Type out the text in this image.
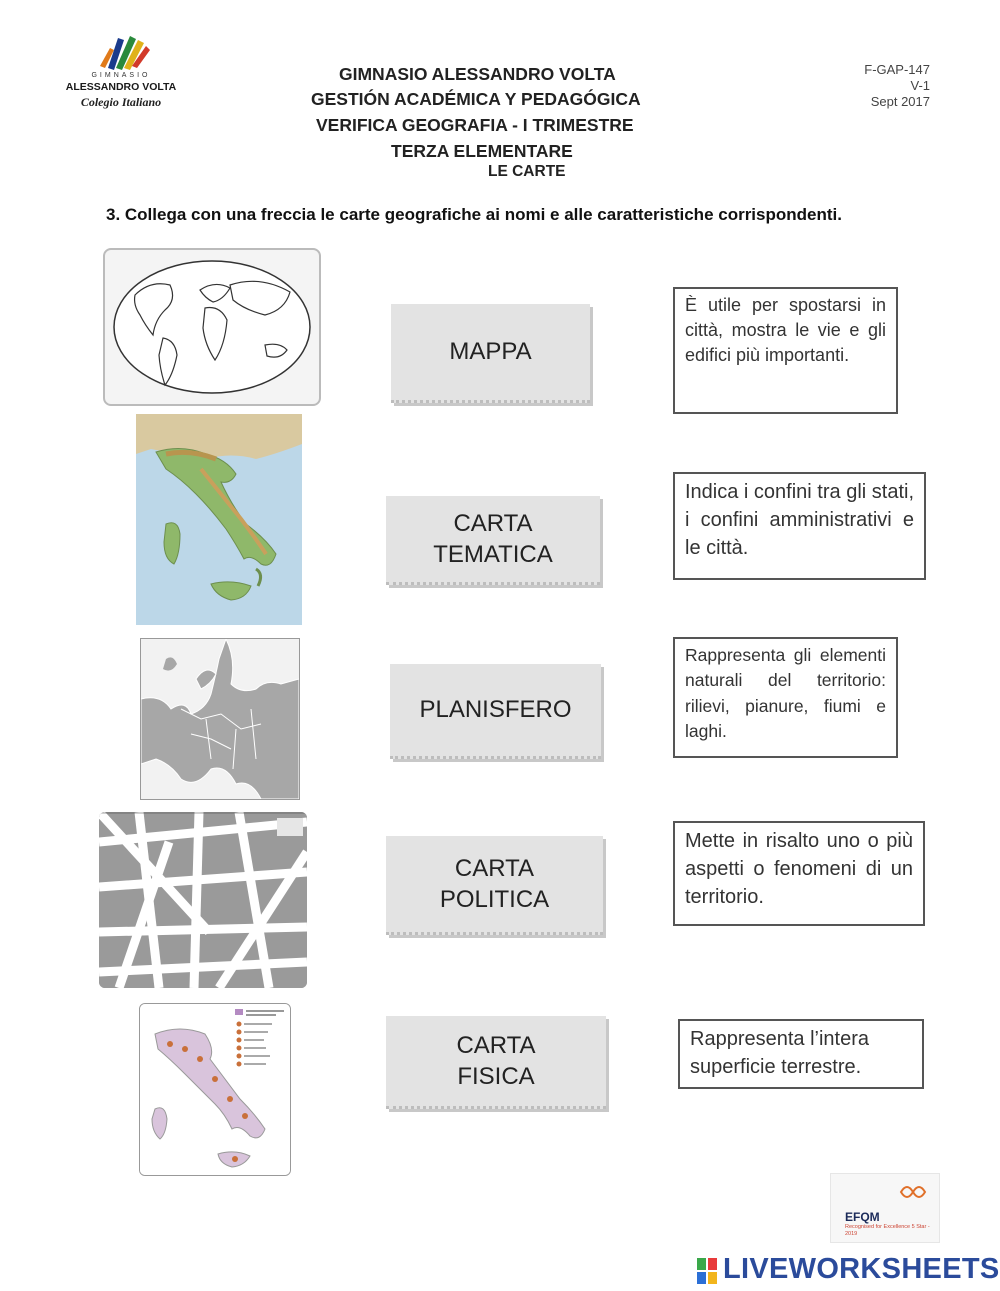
GIMNASIO
ALESSANDRO VOLTA
Colegio Italiano
GIMNASIO ALESSANDRO VOLTA
GESTIÓN ACADÉMICA Y PEDAGÓGICA
VERIFICA GEOGRAFIA - I TRIMESTRE
TERZA ELEMENTARE
LE CARTE
F-GAP-147
V-1
Sept 2017
3. Collega con una freccia le carte geografiche ai nomi e alle caratteristiche corrispondenti.
MAPPA
CARTA
TEMATICA
PLANISFERO
CARTA
POLITICA
CARTA
FISICA
È utile per spostarsi in città, mostra le vie e gli edifici più importanti.
Indica i confini tra gli stati, i confini amministrativi e le città.
Rappresenta gli elementi naturali del territorio: rilievi, pianure, fiumi e laghi.
Mette in risalto uno o più aspetti o fenomeni di un territorio.
Rappresenta l’intera superficie terrestre.
EFQM
Recognised for Excellence 5 Star - 2019
LIVEWORKSHEETS
